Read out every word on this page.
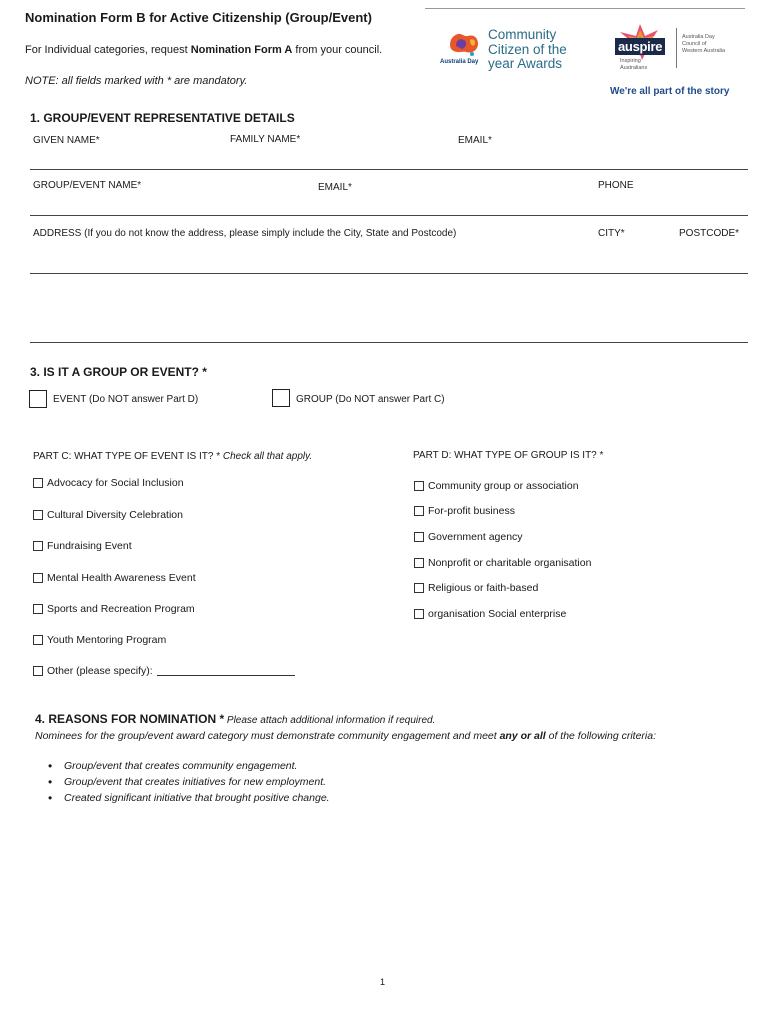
Nomination Form B for Active Citizenship (Group/Event)
For Individual categories, request Nomination Form A from your council.
NOTE: all fields marked with * are mandatory.
Community
Citizen of the
year Awards
Australia Day
auspire
Inspiring
Australians
Australia Day
Council of
Western Australia
We're all part of the story
1. GROUP/EVENT REPRESENTATIVE DETAILS
GIVEN NAME*	FAMILY NAME*	EMAIL*
GROUP/EVENT NAME*	EMAIL*	PHONE
ADDRESS (If you do not know the address, please simply include the City, State and Postcode)	CITY*	POSTCODE*
3. IS IT A GROUP OR EVENT? *
EVENT (Do NOT answer Part D)	GROUP (Do NOT answer Part C)
PART C: WHAT TYPE OF EVENT IS IT? * Check all that apply.
Advocacy for Social Inclusion
Cultural Diversity Celebration
Fundraising Event
Mental Health Awareness Event
Sports and Recreation Program
Youth Mentoring Program
Other (please specify):
PART D: WHAT TYPE OF GROUP IS IT? *
Community group or association
For-profit business
Government agency
Nonprofit or charitable organisation
Religious or faith-based
organisation Social enterprise
4. REASONS FOR NOMINATION * Please attach additional information if required.
Nominees for the group/event award category must demonstrate community engagement and meet any or all of the following criteria:
• Group/event that creates community engagement.
• Group/event that creates initiatives for new employment.
• Created significant initiative that brought positive change.
1
